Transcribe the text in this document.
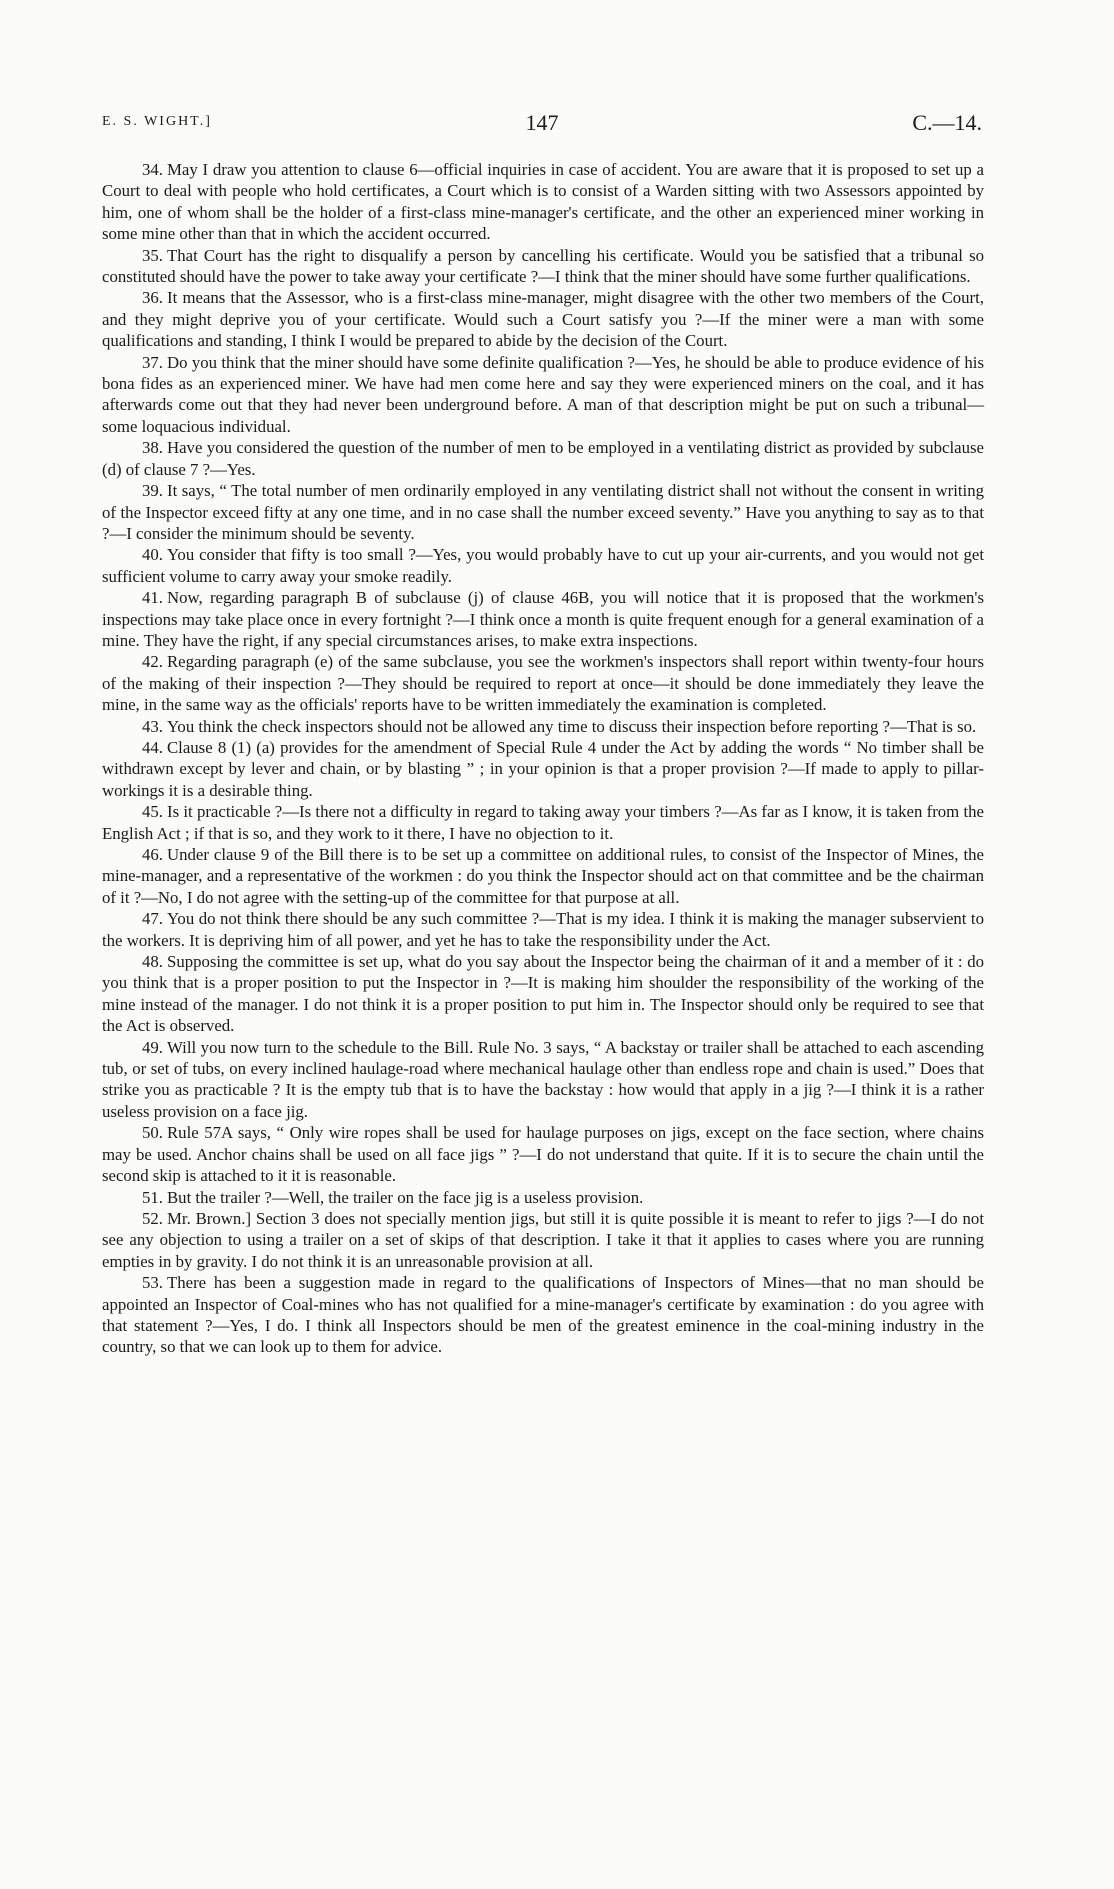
E. S. WIGHT.]	147	C.—14.

34. May I draw you attention to clause 6—official inquiries in case of accident. You are aware that it is proposed to set up a Court to deal with people who hold certificates, a Court which is to consist of a Warden sitting with two Assessors appointed by him, one of whom shall be the holder of a first-class mine-manager's certificate, and the other an experienced miner working in some mine other than that in which the accident occurred.

35. That Court has the right to disqualify a person by cancelling his certificate. Would you be satisfied that a tribunal so constituted should have the power to take away your certificate ?—I think that the miner should have some further qualifications.

36. It means that the Assessor, who is a first-class mine-manager, might disagree with the other two members of the Court, and they might deprive you of your certificate. Would such a Court satisfy you ?—If the miner were a man with some qualifications and standing, I think I would be prepared to abide by the decision of the Court.

37. Do you think that the miner should have some definite qualification ?—Yes, he should be able to produce evidence of his bona fides as an experienced miner. We have had men come here and say they were experienced miners on the coal, and it has afterwards come out that they had never been underground before. A man of that description might be put on such a tribunal—some loquacious individual.

38. Have you considered the question of the number of men to be employed in a ventilating district as provided by subclause (d) of clause 7 ?—Yes.

39. It says, “ The total number of men ordinarily employed in any ventilating district shall not without the consent in writing of the Inspector exceed fifty at any one time, and in no case shall the number exceed seventy.” Have you anything to say as to that ?—I consider the minimum should be seventy.

40. You consider that fifty is too small ?—Yes, you would probably have to cut up your air-currents, and you would not get sufficient volume to carry away your smoke readily.

41. Now, regarding paragraph B of subclause (j) of clause 46B, you will notice that it is proposed that the workmen's inspections may take place once in every fortnight ?—I think once a month is quite frequent enough for a general examination of a mine. They have the right, if any special circumstances arises, to make extra inspections.

42. Regarding paragraph (e) of the same subclause, you see the workmen's inspectors shall report within twenty-four hours of the making of their inspection ?—They should be required to report at once—it should be done immediately they leave the mine, in the same way as the officials' reports have to be written immediately the examination is completed.

43. You think the check inspectors should not be allowed any time to discuss their inspection before reporting ?—That is so.

44. Clause 8 (1) (a) provides for the amendment of Special Rule 4 under the Act by adding the words “ No timber shall be withdrawn except by lever and chain, or by blasting ” ; in your opinion is that a proper provision ?—If made to apply to pillar-workings it is a desirable thing.

45. Is it practicable ?—Is there not a difficulty in regard to taking away your timbers ?—As far as I know, it is taken from the English Act ; if that is so, and they work to it there, I have no objection to it.

46. Under clause 9 of the Bill there is to be set up a committee on additional rules, to consist of the Inspector of Mines, the mine-manager, and a representative of the workmen : do you think the Inspector should act on that committee and be the chairman of it ?—No, I do not agree with the setting-up of the committee for that purpose at all.

47. You do not think there should be any such committee ?—That is my idea. I think it is making the manager subservient to the workers. It is depriving him of all power, and yet he has to take the responsibility under the Act.

48. Supposing the committee is set up, what do you say about the Inspector being the chairman of it and a member of it : do you think that is a proper position to put the Inspector in ?—It is making him shoulder the responsibility of the working of the mine instead of the manager. I do not think it is a proper position to put him in. The Inspector should only be required to see that the Act is observed.

49. Will you now turn to the schedule to the Bill. Rule No. 3 says, “ A backstay or trailer shall be attached to each ascending tub, or set of tubs, on every inclined haulage-road where mechanical haulage other than endless rope and chain is used.” Does that strike you as practicable ? It is the empty tub that is to have the backstay : how would that apply in a jig ?—I think it is a rather useless provision on a face jig.

50. Rule 57A says, “ Only wire ropes shall be used for haulage purposes on jigs, except on the face section, where chains may be used. Anchor chains shall be used on all face jigs ” ?—I do not understand that quite. If it is to secure the chain until the second skip is attached to it it is reasonable.

51. But the trailer ?—Well, the trailer on the face jig is a useless provision.

52. Mr. Brown.] Section 3 does not specially mention jigs, but still it is quite possible it is meant to refer to jigs ?—I do not see any objection to using a trailer on a set of skips of that description. I take it that it applies to cases where you are running empties in by gravity. I do not think it is an unreasonable provision at all.

53. There has been a suggestion made in regard to the qualifications of Inspectors of Mines—that no man should be appointed an Inspector of Coal-mines who has not qualified for a mine-manager's certificate by examination : do you agree with that statement ?—Yes, I do. I think all Inspectors should be men of the greatest eminence in the coal-mining industry in the country, so that we can look up to them for advice.
